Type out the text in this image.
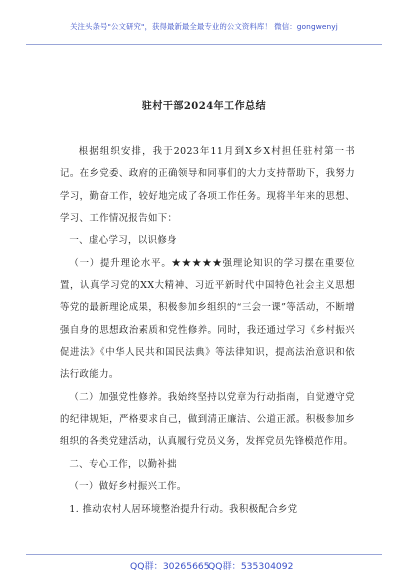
关注头条号"公文研究"，获得最新最全最专业的公文资料库！ 微信：gongwenyj
驻村干部2024年工作总结

根据组织安排，我于2023年11月到X乡X村担任驻村第一书记。在乡党委、政府的正确领导和同事们的大力支持帮助下，我努力学习，勤奋工作，较好地完成了各项工作任务。现将半年来的思想、学习、工作情况报告如下：

一、虚心学习，以识修身

（一）提升理论水平。★★★★★强理论知识的学习摆在重要位置，认真学习党的XX大精神、习近平新时代中国特色社会主义思想等党的最新理论成果，积极参加乡组织的“三会一课”等活动，不断增强自身的思想政治素质和党性修养。同时，我还通过学习《乡村振兴促进法》《中华人民共和国民法典》等法律知识，提高法治意识和依法行政能力。

（二）加强党性修养。我始终坚持以党章为行动指南，自觉遵守党的纪律规矩，严格要求自己，做到清正廉洁、公道正派。积极参加乡组织的各类党建活动，认真履行党员义务，发挥党员先锋模范作用。

二、专心工作，以勤补拙

（一）做好乡村振兴工作。

1. 推动农村人居环境整治提升行动。我积极配合乡党

QQ群：30265665
QQ群：535304092
